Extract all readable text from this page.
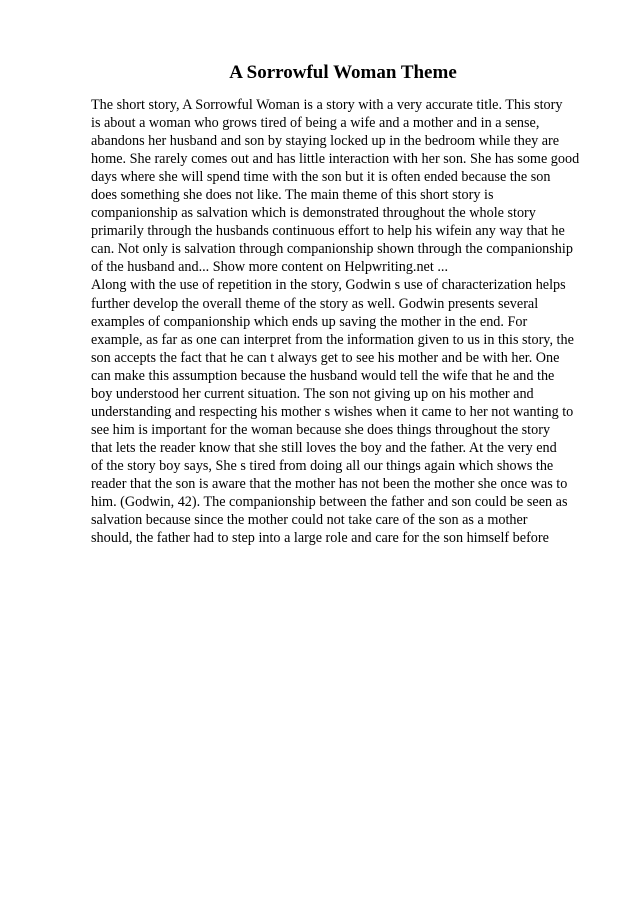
A Sorrowful Woman Theme
The short story, A Sorrowful Woman is a story with a very accurate title. This story
is about a woman who grows tired of being a wife and a mother and in a sense,
abandons her husband and son by staying locked up in the bedroom while they are
home. She rarely comes out and has little interaction with her son. She has some good
days where she will spend time with the son but it is often ended because the son
does something she does not like. The main theme of this short story is
companionship as salvation which is demonstrated throughout the whole story
primarily through the husbands continuous effort to help his wifein any way that he
can. Not only is salvation through companionship shown through the companionship
of the husband and... Show more content on Helpwriting.net ...
Along with the use of repetition in the story, Godwin s use of characterization helps
further develop the overall theme of the story as well. Godwin presents several
examples of companionship which ends up saving the mother in the end. For
example, as far as one can interpret from the information given to us in this story, the
son accepts the fact that he can t always get to see his mother and be with her. One
can make this assumption because the husband would tell the wife that he and the
boy understood her current situation. The son not giving up on his mother and
understanding and respecting his mother s wishes when it came to her not wanting to
see him is important for the woman because she does things throughout the story
that lets the reader know that she still loves the boy and the father. At the very end
of the story boy says, She s tired from doing all our things again which shows the
reader that the son is aware that the mother has not been the mother she once was to
him. (Godwin, 42). The companionship between the father and son could be seen as
salvation because since the mother could not take care of the son as a mother
should, the father had to step into a large role and care for the son himself before
